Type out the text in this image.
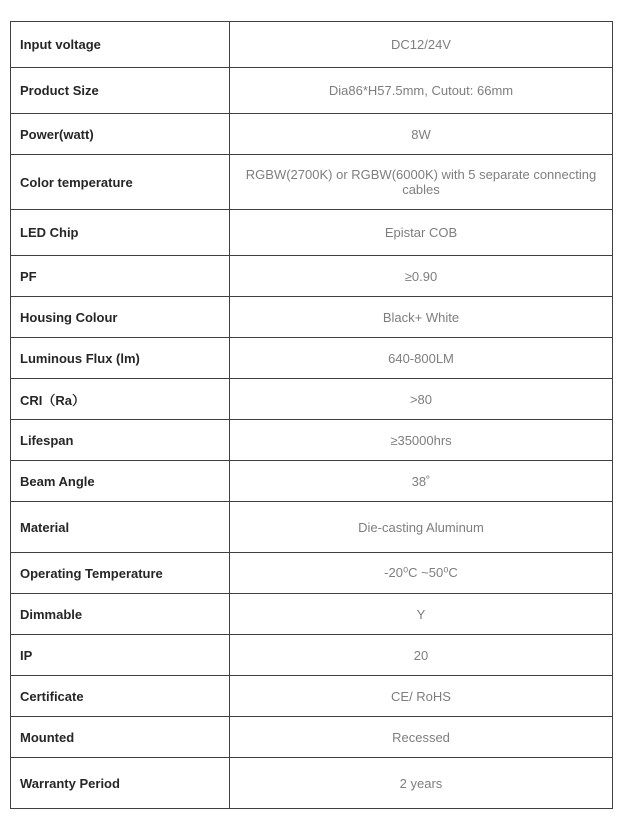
Input voltage	DC12/24V
Product Size	Dia86*H57.5mm, Cutout: 66mm
Power(watt)	8W
Color temperature	RGBW(2700K) or RGBW(6000K) with 5 separate connecting cables
LED Chip	Epistar COB
PF	≥0.90
Housing Colour	Black+ White
Luminous Flux (lm)	640-800LM
CRI（Ra）	>80
Lifespan	≥35000hrs
Beam Angle	38˚
Material	Die-casting Aluminum
Operating Temperature	-20⁰C ~50⁰C
Dimmable	Y
IP	20
Certificate	CE/ RoHS
Mounted	Recessed
Warranty Period	2 years
